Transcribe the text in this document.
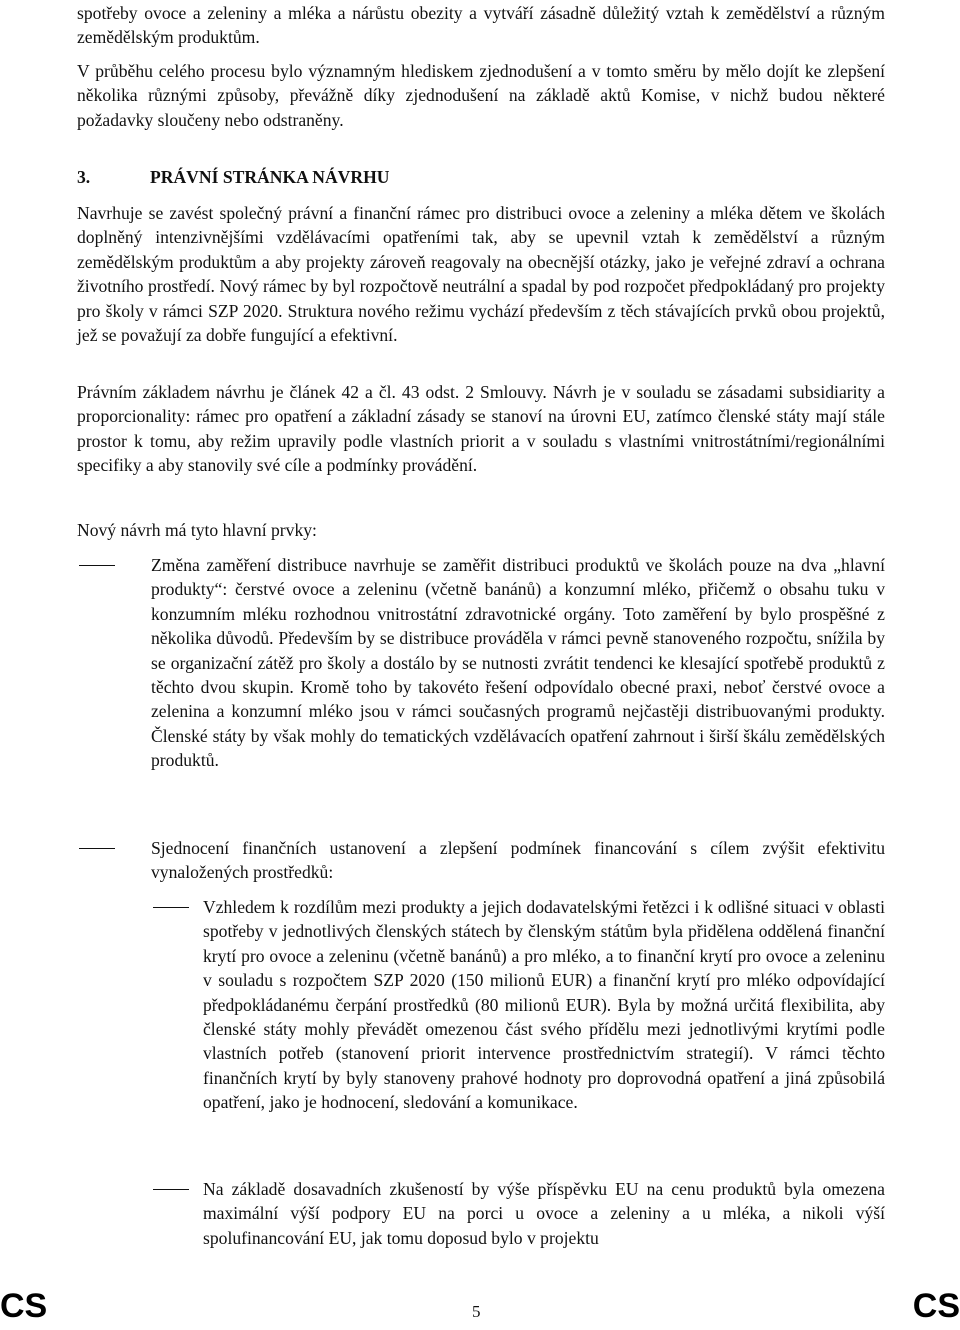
spotřeby ovoce a zeleniny a mléka a nárůstu obezity a vytváří zásadně důležitý vztah k zemědělství a různým zemědělským produktům.

V průběhu celého procesu bylo významným hlediskem zjednodušení a v tomto směru by mělo dojít ke zlepšení několika různými způsoby, převážně díky zjednodušení na základě aktů Komise, v nichž budou některé požadavky sloučeny nebo odstraněny.

3.	PRÁVNÍ STRÁNKA NÁVRHU

Navrhuje se zavést společný právní a finanční rámec pro distribuci ovoce a zeleniny a mléka dětem ve školách doplněný intenzivnějšími vzdělávacími opatřeními tak, aby se upevnil vztah k zemědělství a různým zemědělským produktům a aby projekty zároveň reagovaly na obecnější otázky, jako je veřejné zdraví a ochrana životního prostředí. Nový rámec by byl rozpočtově neutrální a spadal by pod rozpočet předpokládaný pro projekty pro školy v rámci SZP 2020. Struktura nového režimu vychází především z těch stávajících prvků obou projektů, jež se považují za dobře fungující a efektivní.

Právním základem návrhu je článek 42 a čl. 43 odst. 2 Smlouvy. Návrh je v souladu se zásadami subsidiarity a proporcionality: rámec pro opatření a základní zásady se stanoví na úrovni EU, zatímco členské státy mají stále prostor k tomu, aby režim upravily podle vlastních priorit a v souladu s vlastními vnitrostátními/regionálními specifiky a aby stanovily své cíle a podmínky provádění.

Nový návrh má tyto hlavní prvky:

Změna zaměření distribuce navrhuje se zaměřit distribuci produktů ve školách pouze na dva „hlavní produkty“: čerstvé ovoce a zeleninu (včetně banánů) a konzumní mléko, přičemž o obsahu tuku v konzumním mléku rozhodnou vnitrostátní zdravotnické orgány. Toto zaměření by bylo prospěšné z několika důvodů. Především by se distribuce prováděla v rámci pevně stanoveného rozpočtu, snížila by se organizační zátěž pro školy a dostálo by se nutnosti zvrátit tendenci ke klesající spotřebě produktů z těchto dvou skupin. Kromě toho by takovéto řešení odpovídalo obecné praxi, neboť čerstvé ovoce a zelenina a konzumní mléko jsou v rámci současných programů nejčastěji distribuovanými produkty. Členské státy by však mohly do tematických vzdělávacích opatření zahrnout i širší škálu zemědělských produktů.

Sjednocení finančních ustanovení a zlepšení podmínek financování s cílem zvýšit efektivitu vynaložených prostředků:

Vzhledem k rozdílům mezi produkty a jejich dodavatelskými řetězci i k odlišné situaci v oblasti spotřeby v jednotlivých členských státech by členským státům byla přidělena oddělená finanční krytí pro ovoce a zeleninu (včetně banánů) a pro mléko, a to finanční krytí pro ovoce a zeleninu v souladu s rozpočtem SZP 2020 (150 milionů EUR) a finanční krytí pro mléko odpovídající předpokládanému čerpání prostředků (80 milionů EUR). Byla by možná určitá flexibilita, aby členské státy mohly převádět omezenou část svého přídělu mezi jednotlivými krytími podle vlastních potřeb (stanovení priorit intervence prostřednictvím strategií). V rámci těchto finančních krytí by byly stanoveny prahové hodnoty pro doprovodná opatření a jiná způsobilá opatření, jako je hodnocení, sledování a komunikace.

Na základě dosavadních zkušeností by výše příspěvku EU na cenu produktů byla omezena maximální výší podpory EU na porci u ovoce a zeleniny a u mléka, a nikoli výší spolufinancování EU, jak tomu doposud bylo v projektu

CS	5	CS
